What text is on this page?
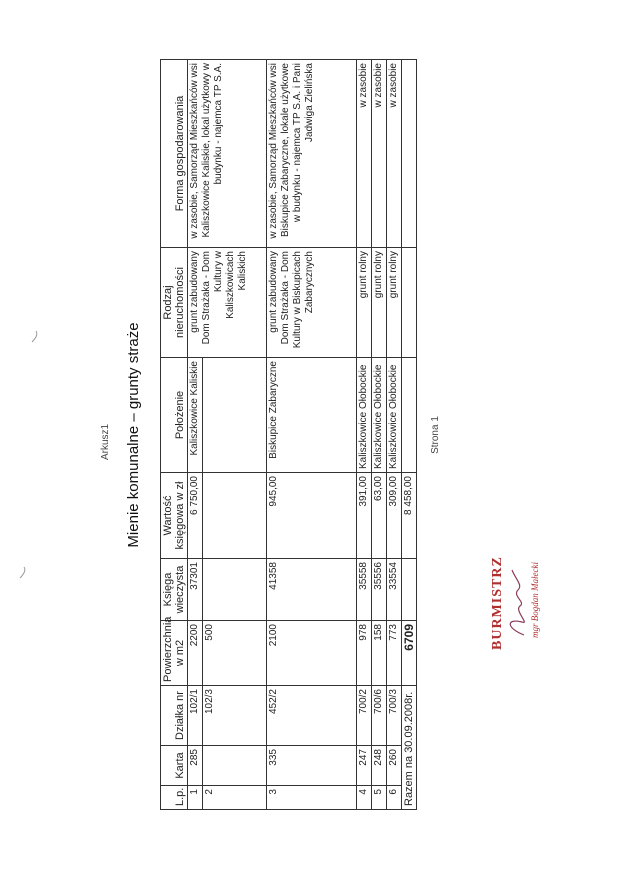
Arkusz1 Mienie komunalne – grunty straże
L.p.	Karta	Działka nr	Powierzchnia w m2	Księga wieczysta	Wartość księgowa w zł	Położenie	Rodzaj nieruchomości	Forma gospodarowania
1	285	102/1	2200	37301	6 750,00	Kaliszkowice Kaliskie	grunt zabudowany Dom Strażaka - Dom Kultury w Kaliszkowicach Kaliskich	w zasobie, Samorząd Mieszkańców wsi Kaliszkowice Kaliskie, lokal użytkowy w budynku - najemca TP S.A.
2		102/3	500					
3	335	452/2	2100	41358	945,00	Biskupice Zabaryczne	grunt zabudowany Dom Strażaka - Dom Kultury w Biskupicach Zabarycznych	w zasobie, Samorząd Mieszkańców wsi Biskupice Zabaryczne, lokale użytkowe w budynku - najemca TP S.A. i Pani Jadwiga Zielińska
4	247	700/2	978	35558	391,00	Kaliszkowice Ołobockie	grunt rolny	w zasobie
5	248	700/6	158	35556	63,00	Kaliszkowice Ołobockie	grunt rolny	w zasobie
6	260	700/3	773	33554	309,00	Kaliszkowice Ołobockie	grunt rolny	w zasobie
Razem na 30.09.2008r.			6709		8 458,00			
Strona 1
BURMISTRZ	mgr Bogdan Małecki
